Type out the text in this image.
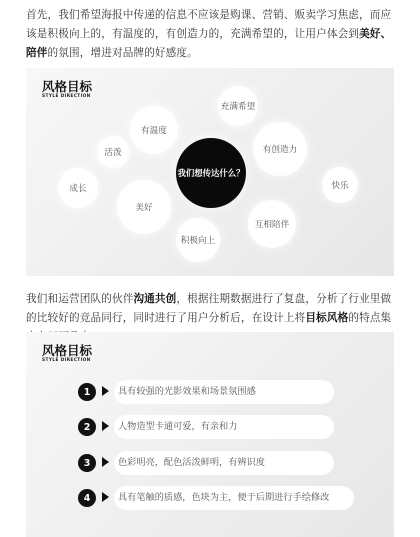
首先，我们希望海报中传递的信息不应该是购课、营销、贩卖学习焦虑，而应该是积极向上的，有温度的，有创造力的，充满希望的，让用户体会到美好、陪伴的氛围，增进对品牌的好感度。

风格目标
STYLE DIRECTION
我们想传达什么？
充满希望
有温度
活泼	有创造力
快乐
成长
美好
互相陪伴
积极向上

我们和运营团队的伙伴沟通共创，根据往期数据进行了复盘，分析了行业里做的比较好的竞品同行，同时进行了用户分析后，在设计上将目标风格的特点集

风格目标
STYLE DIRECTION
1	具有较强的光影效果和场景氛围感
2	人物造型卡通可爱，有亲和力
3	色彩明亮，配色活泼鲜明，有辨识度
4	具有笔触的质感，色块为主，便于后期进行手绘修改
